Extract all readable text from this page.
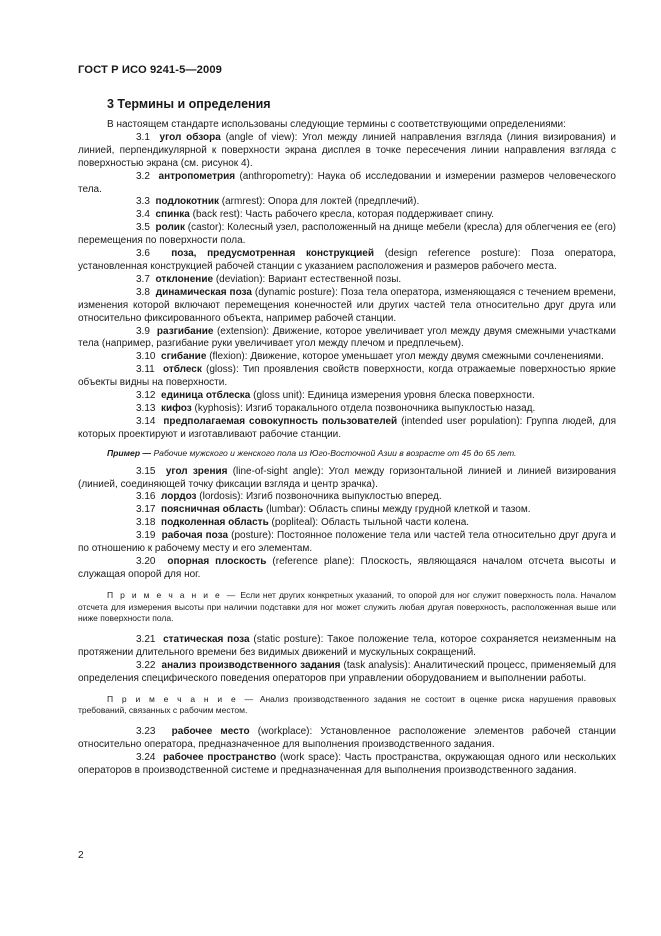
ГОСТ Р ИСО 9241-5—2009
3 Термины и определения

В настоящем стандарте использованы следующие термины с соответствующими определениями:

3.1 угол обзора (angle of view): Угол между линией направления взгляда (линия визирования) и линией, перпендикулярной к поверхности экрана дисплея в точке пересечения линии направления взгляда с поверхностью экрана (см. рисунок 4).

3.2 антропометрия (anthropometry): Наука об исследовании и измерении размеров человеческого тела.

3.3 подлокотник (armrest): Опора для локтей (предплечий).

3.4 спинка (back rest): Часть рабочего кресла, которая поддерживает спину.

3.5 ролик (castor): Колесный узел, расположенный на днище мебели (кресла) для облегчения ее (его) перемещения по поверхности пола.

3.6 поза, предусмотренная конструкцией (design reference posture): Поза оператора, установленная конструкцией рабочей станции с указанием расположения и размеров рабочего места.

3.7 отклонение (deviation): Вариант естественной позы.

3.8 динамическая поза (dynamic posture): Поза тела оператора, изменяющаяся с течением времени, изменения которой включают перемещения конечностей или других частей тела относительно друг друга или относительно фиксированного объекта, например рабочей станции.

3.9 разгибание (extension): Движение, которое увеличивает угол между двумя смежными участками тела (например, разгибание руки увеличивает угол между плечом и предплечьем).

3.10 сгибание (flexion): Движение, которое уменьшает угол между двумя смежными сочленениями.

3.11 отблеск (gloss): Тип проявления свойств поверхности, когда отражаемые поверхностью яркие объекты видны на поверхности.

3.12 единица отблеска (gloss unit): Единица измерения уровня блеска поверхности.

3.13 кифоз (kyphosis): Изгиб торакального отдела позвоночника выпуклостью назад.

3.14 предполагаемая совокупность пользователей (intended user population): Группа людей, для которых проектируют и изготавливают рабочие станции.

Пример — Рабочие мужского и женского пола из Юго-Восточной Азии в возрасте от 45 до 65 лет.

3.15 угол зрения (line-of-sight angle): Угол между горизонтальной линией и линией визирования (линией, соединяющей точку фиксации взгляда и центр зрачка).

3.16 лордоз (lordosis): Изгиб позвоночника выпуклостью вперед.

3.17 поясничная область (lumbar): Область спины между грудной клеткой и тазом.

3.18 подколенная область (popliteal): Область тыльной части колена.

3.19 рабочая поза (posture): Постоянное положение тела или частей тела относительно друг друга и по отношению к рабочему месту и его элементам.

3.20 опорная плоскость (reference plane): Плоскость, являющаяся началом отсчета высоты и служащая опорой для ног.

П р и м е ч а н и е — Если нет других конкретных указаний, то опорой для ног служит поверхность пола. Началом отсчета для измерения высоты при наличии подставки для ног может служить любая другая поверхность, расположенная выше или ниже поверхности пола.

3.21 статическая поза (static posture): Такое положение тела, которое сохраняется неизменным на протяжении длительного времени без видимых движений и мускульных сокращений.

3.22 анализ производственного задания (task analysis): Аналитический процесс, применяемый для определения специфического поведения операторов при управлении оборудованием и выполнении работы.

П р и м е ч а н и е — Анализ производственного задания не состоит в оценке риска нарушения правовых требований, связанных с рабочим местом.

3.23 рабочее место (workplace): Установленное расположение элементов рабочей станции относительно оператора, предназначенное для выполнения производственного задания.

3.24 рабочее пространство (work space): Часть пространства, окружающая одного или нескольких операторов в производственной системе и предназначенная для выполнения производственного задания.

2
